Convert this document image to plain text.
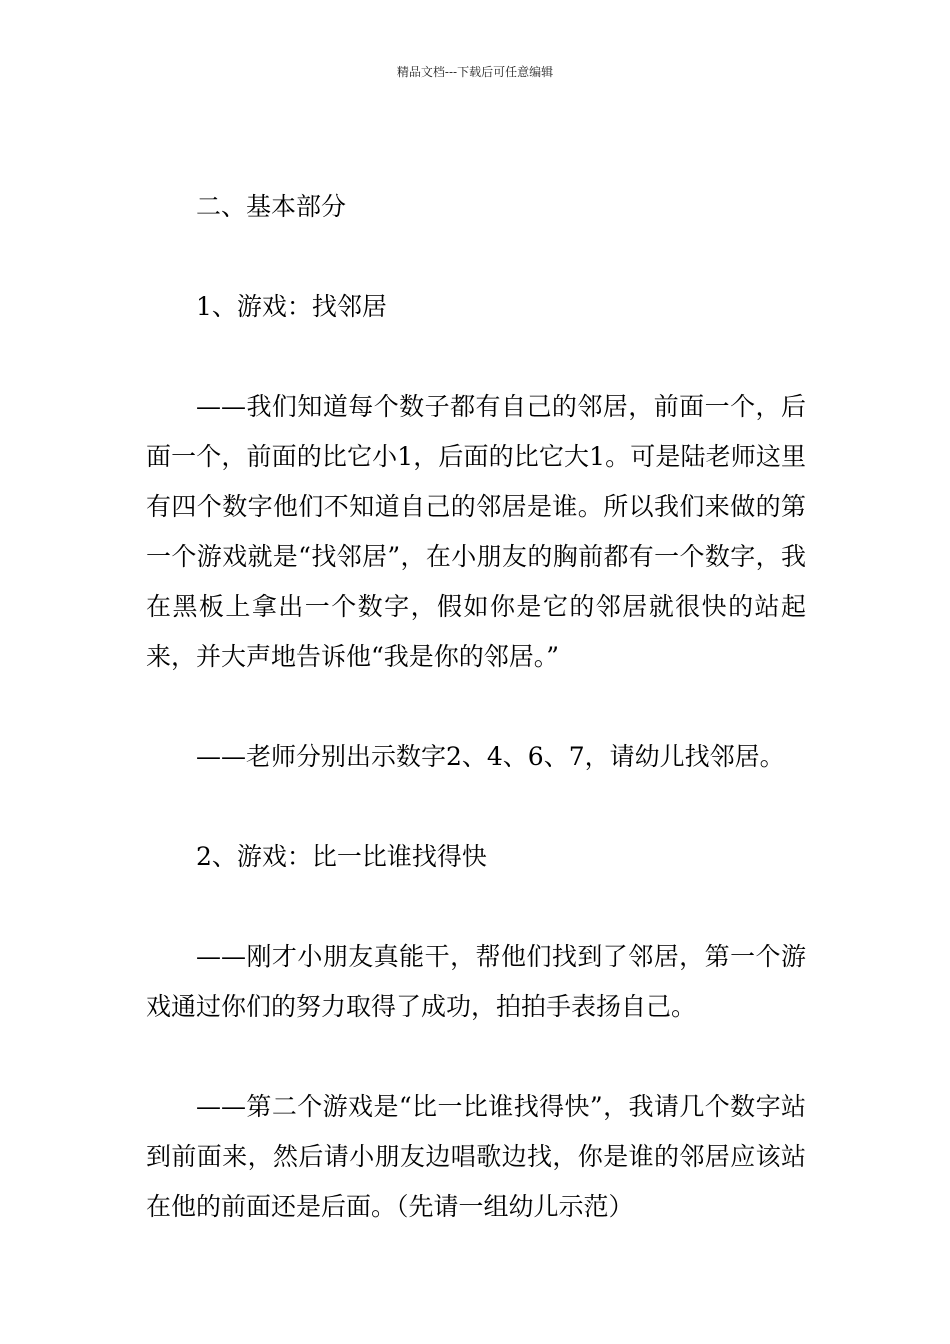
精品文档---下载后可任意编辑

二、基本部分

1、游戏：找邻居

——我们知道每个数子都有自己的邻居，前面一个，后面一个，前面的比它小1，后面的比它大1。可是陆老师这里有四个数字他们不知道自己的邻居是谁。所以我们来做的第一个游戏就是“找邻居”，在小朋友的胸前都有一个数字，我在黑板上拿出一个数字，假如你是它的邻居就很快的站起来，并大声地告诉他“我是你的邻居。”

——老师分别出示数字2、4、6、7，请幼儿找邻居。

2、游戏：比一比谁找得快

——刚才小朋友真能干，帮他们找到了邻居，第一个游戏通过你们的努力取得了成功，拍拍手表扬自己。

——第二个游戏是“比一比谁找得快”，我请几个数字站到前面来，然后请小朋友边唱歌边找，你是谁的邻居应该站在他的前面还是后面。（先请一组幼儿示范）
